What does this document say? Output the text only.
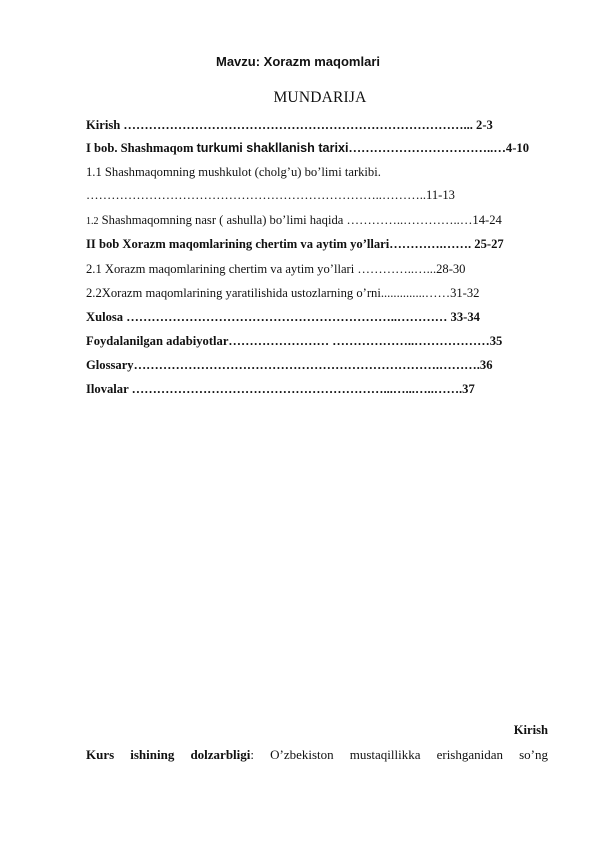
Mavzu: Xorazm maqomlari
MUNDARIJA
Kirish ………………………………………………………………………... 2-3
I bob. Shashmaqom turkumi shakllanish tarixi……………………………..…4-10
1.1 Shashmaqomning mushkulot (cholg’u) bo’limi tarkibi.
……………………………………………………………..………..11-13
1.2 Shashmaqomning nasr ( ashulla) bo’limi haqida …………..…………..…14-24
II bob Xorazm maqomlarining chertim va aytim yo’llari………….……. 25-27
2.1 Xorazm maqomlarining chertim va aytim yo’llari …………..…...28-30
2.2Xorazm maqomlarining yaratilishida ustozlarning o’rni..............……31-32
Xulosa ………………………………………………………..………… 33-34
Foydalanilgan adabiyotlar…………………… ………………..………………35
Glossary……………………………………………………………….……….36
Ilovalar ……………………………………………………...…...…..…….37
Kirish
Kurs ishining dolzarbligi: O’zbekiston mustaqillikka erishganidan so’ng
